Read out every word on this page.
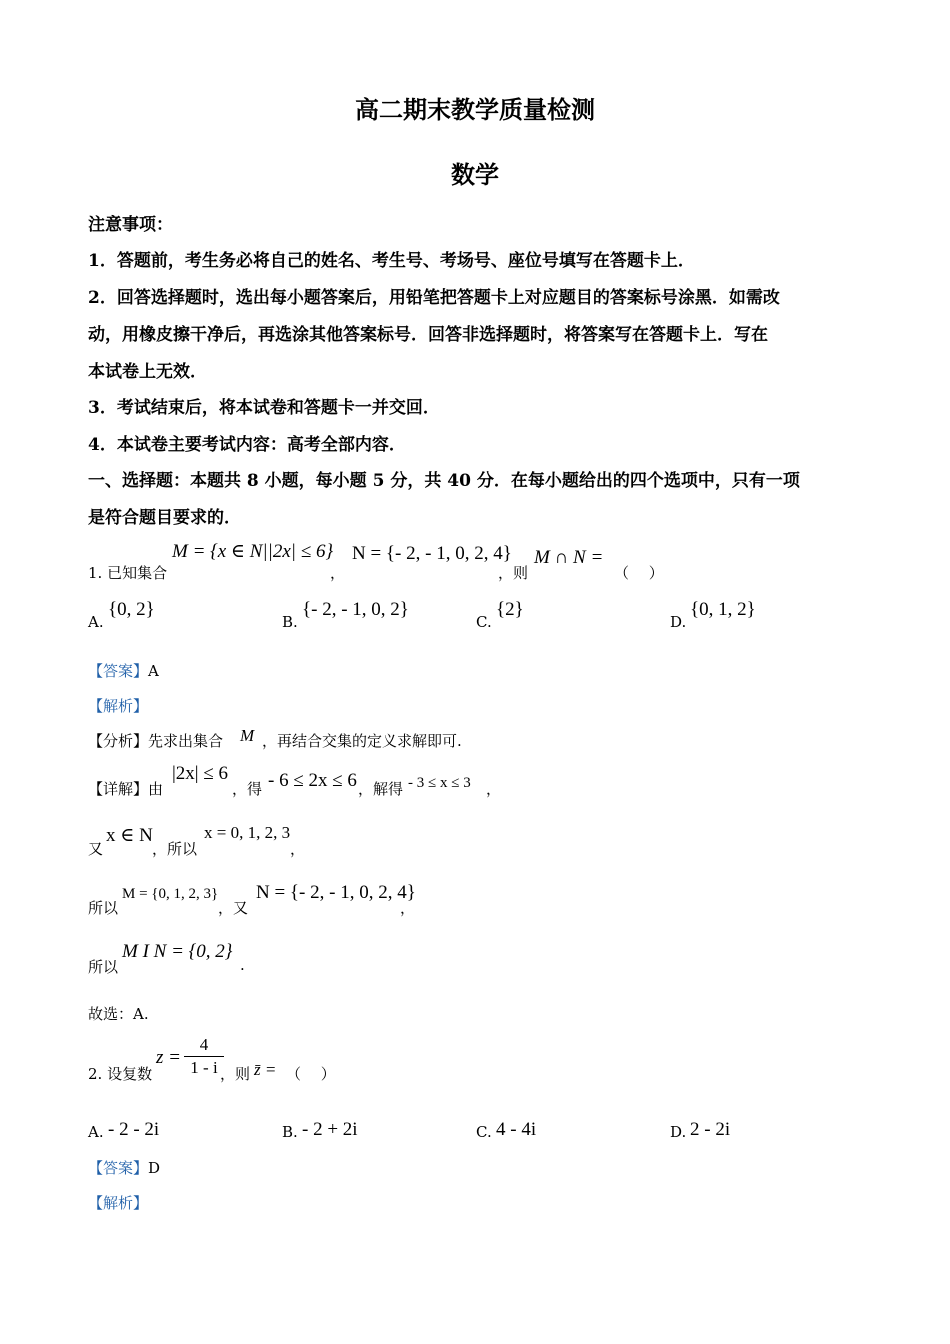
高二期末教学质量检测
数学
注意事项：
1．答题前，考生务必将自己的姓名、考生号、考场号、座位号填写在答题卡上．
2．回答选择题时，选出每小题答案后，用铅笔把答题卡上对应题目的答案标号涂黑．如需改
动，用橡皮擦干净后，再选涂其他答案标号．回答非选择题时，将答案写在答题卡上．写在
本试卷上无效．
3．考试结束后，将本试卷和答题卡一并交回．
4．本试卷主要考试内容：高考全部内容．
一、选择题：本题共 8 小题，每小题 5 分，共 40 分．在每小题给出的四个选项中，只有一项
是符合题目要求的．
1. 已知集合
M = {x ∈ N||2x| ≤ 6}
，
N = {- 2, - 1, 0, 2, 4}
，则
M ∩ N =
（　 ）
A.
{0, 2}
B.
{- 2, - 1, 0, 2}
C.
{2}
D.
{0, 1, 2}
【答案】A
【解析】
【分析】先求出集合 M ，再结合交集的定义求解即可.
【详解】由
|2x| ≤ 6
，得 - 6 ≤ 2x ≤ 6 ，解得 - 3 ≤ x ≤ 3 ，
又
x ∈ N
，所以
x = 0, 1, 2, 3
，
所以
M = {0, 1, 2, 3}
，又
N = {- 2, - 1, 0, 2, 4}
，
所以
M I N = {0, 2}
.
故选：A.
2. 设复数
$z = \frac{4}{1 - i}$
，则 z̄ = （　 ）
A. - 2 - 2i	B. - 2 + 2i	C. 4 - 4i	D. 2 - 2i
【答案】D
【解析】
